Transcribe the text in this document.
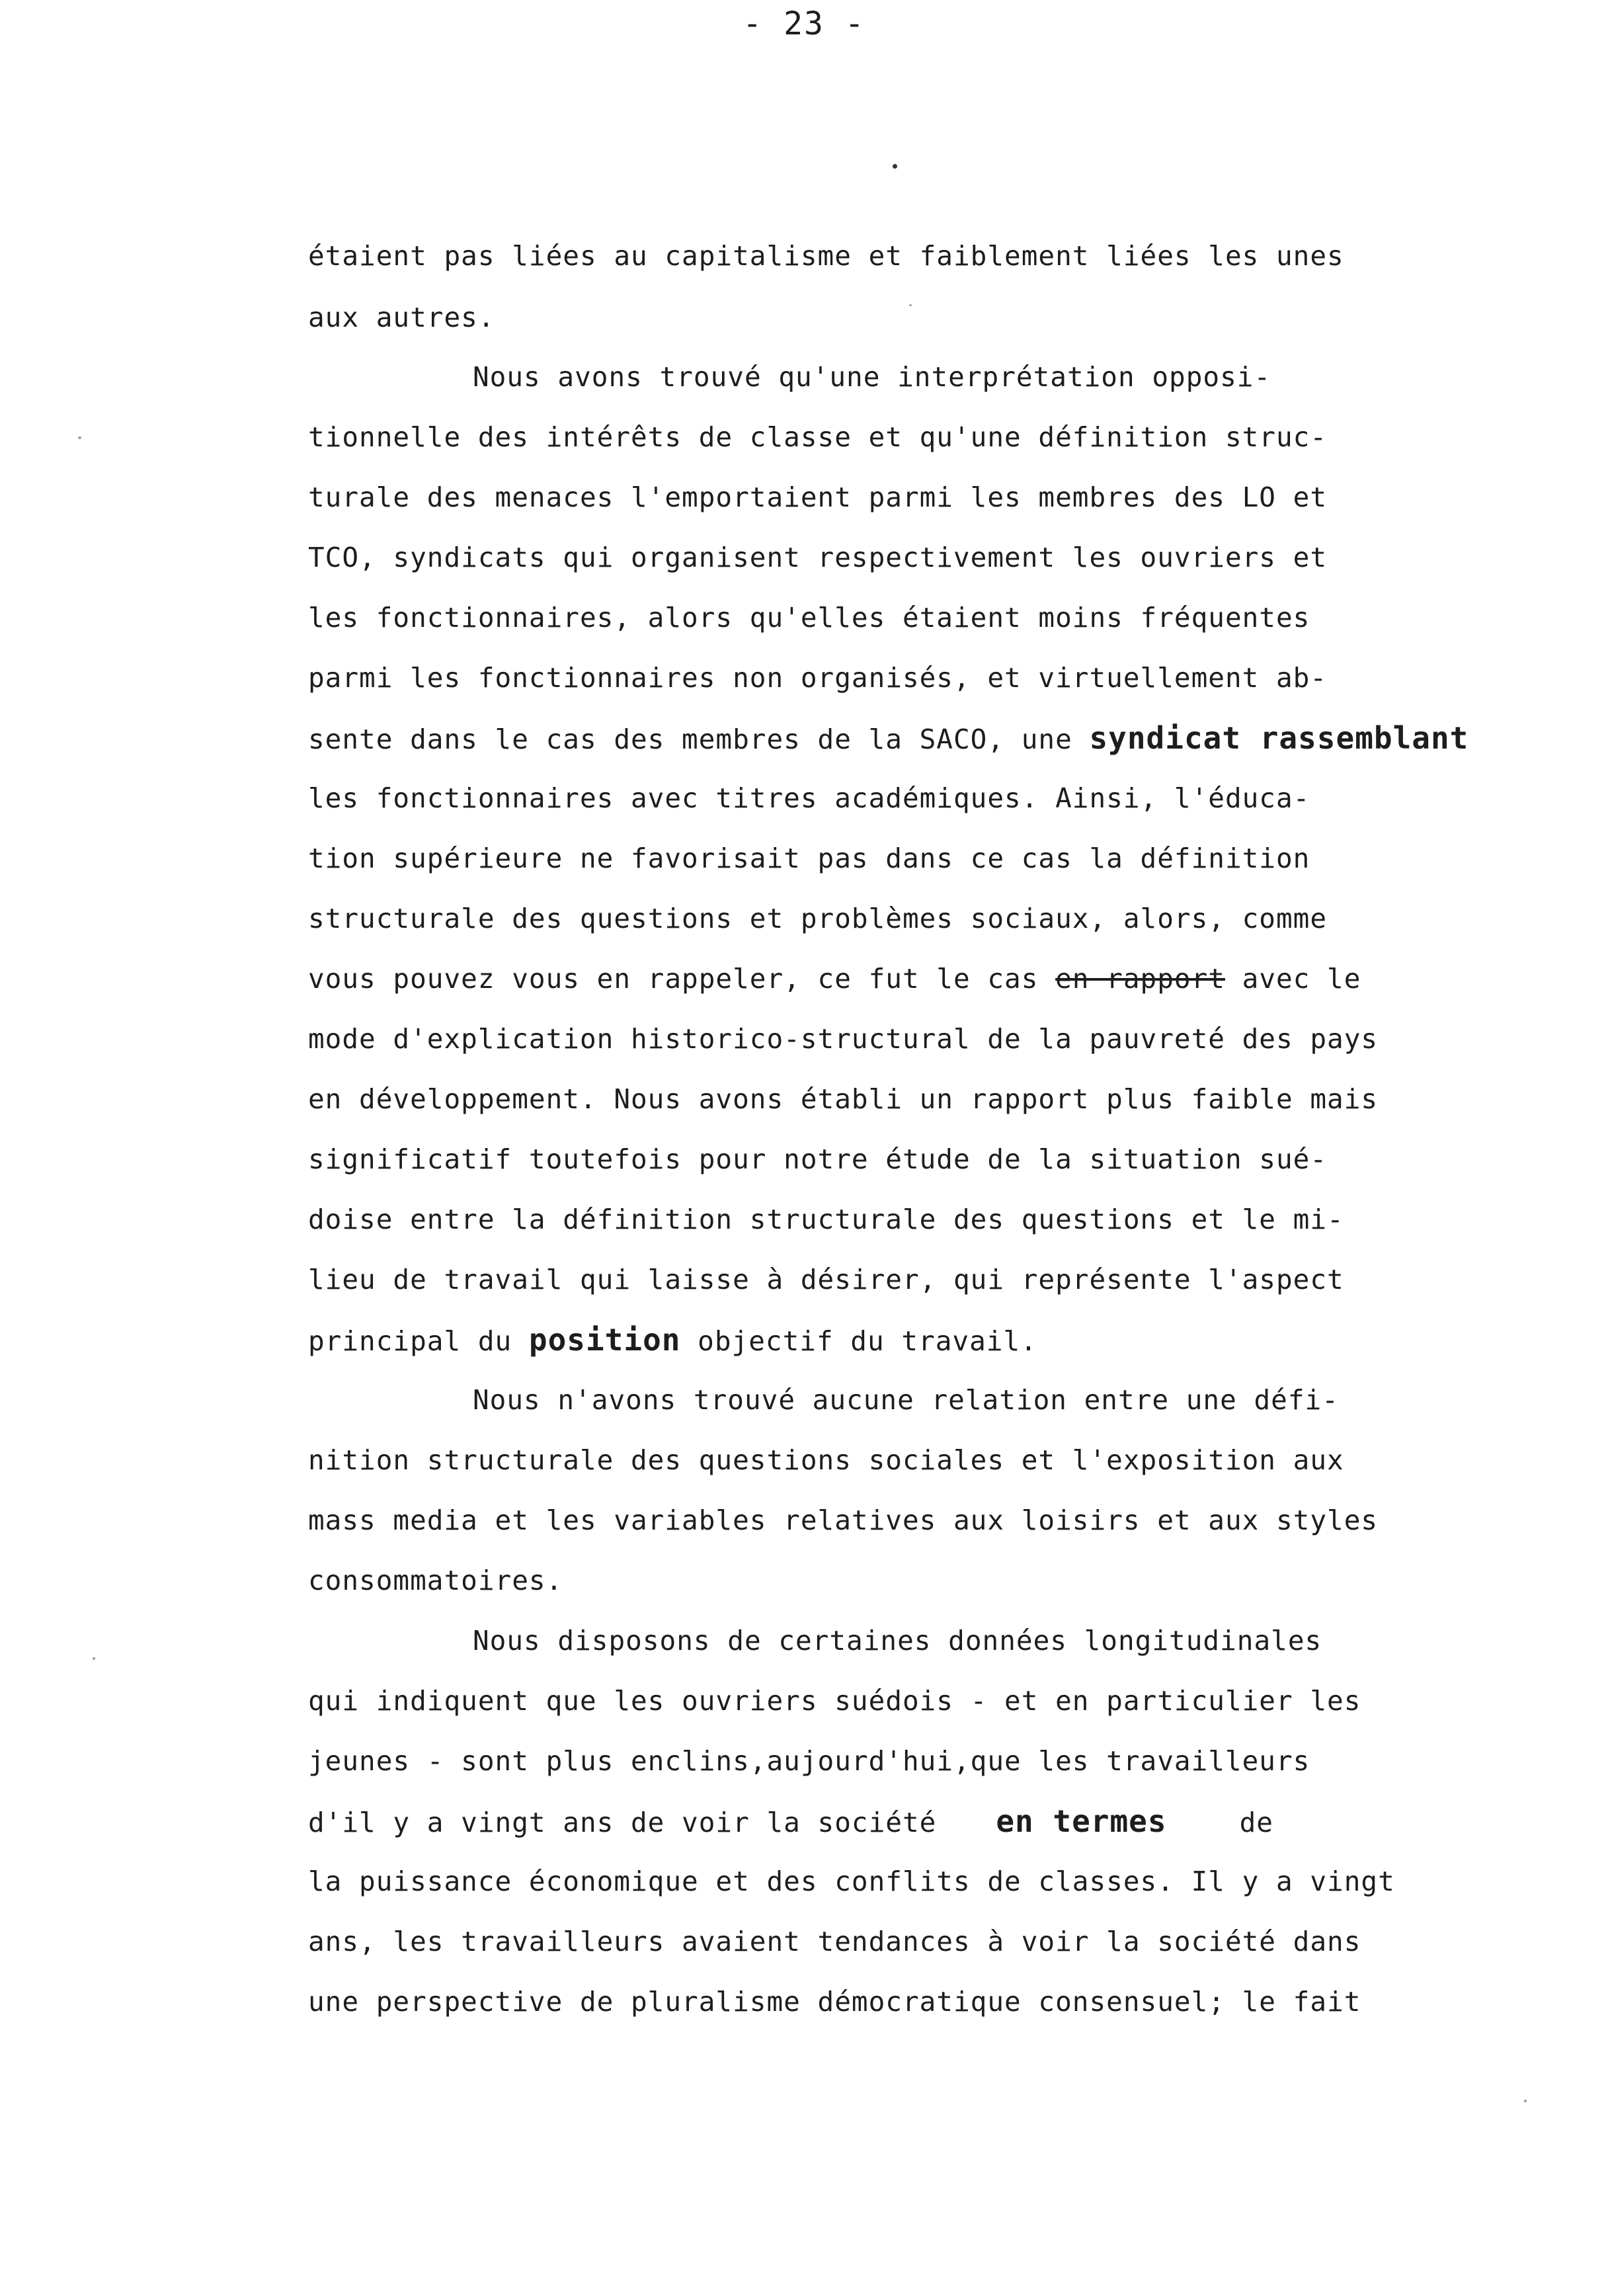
- 23 -
étaient pas liées au capitalisme et faiblement liées les unes
aux autres.
Nous avons trouvé qu'une interprétation opposi-
tionnelle des intérêts de classe et qu'une définition struc-
turale des menaces l'emportaient parmi les membres des LO et
TCO, syndicats qui organisent respectivement les ouvriers et
les fonctionnaires, alors qu'elles étaient moins fréquentes
parmi les fonctionnaires non organisés, et virtuellement ab-
sente dans le cas des membres de la SACO, une syndicat rassemblant
les fonctionnaires avec titres académiques. Ainsi, l'éduca-
tion supérieure ne favorisait pas dans ce cas la définition
structurale des questions et problèmes sociaux, alors, comme
vous pouvez vous en rappeler, ce fut le cas en rapport avec le
mode d'explication historico-structural de la pauvreté des pays
en développement. Nous avons établi un rapport plus faible mais
significatif toutefois pour notre étude de la situation sué-
doise entre la définition structurale des questions et le mi-
lieu de travail qui laisse à désirer, qui représente l'aspect
principal du position objectif du travail.
Nous n'avons trouvé aucune relation entre une défi-
nition structurale des questions sociales et l'exposition aux
mass media et les variables relatives aux loisirs et aux styles
consommatoires.
Nous disposons de certaines données longitudinales
qui indiquent que les ouvriers suédois - et en particulier les
jeunes - sont plus enclins,aujourd'hui,que les travailleurs
d'il y a vingt ans de voir la société en termes	de
la puissance économique et des conflits de classes. Il y a vingt
ans, les travailleurs avaient tendances à voir la société dans
une perspective de pluralisme démocratique consensuel; le fait
